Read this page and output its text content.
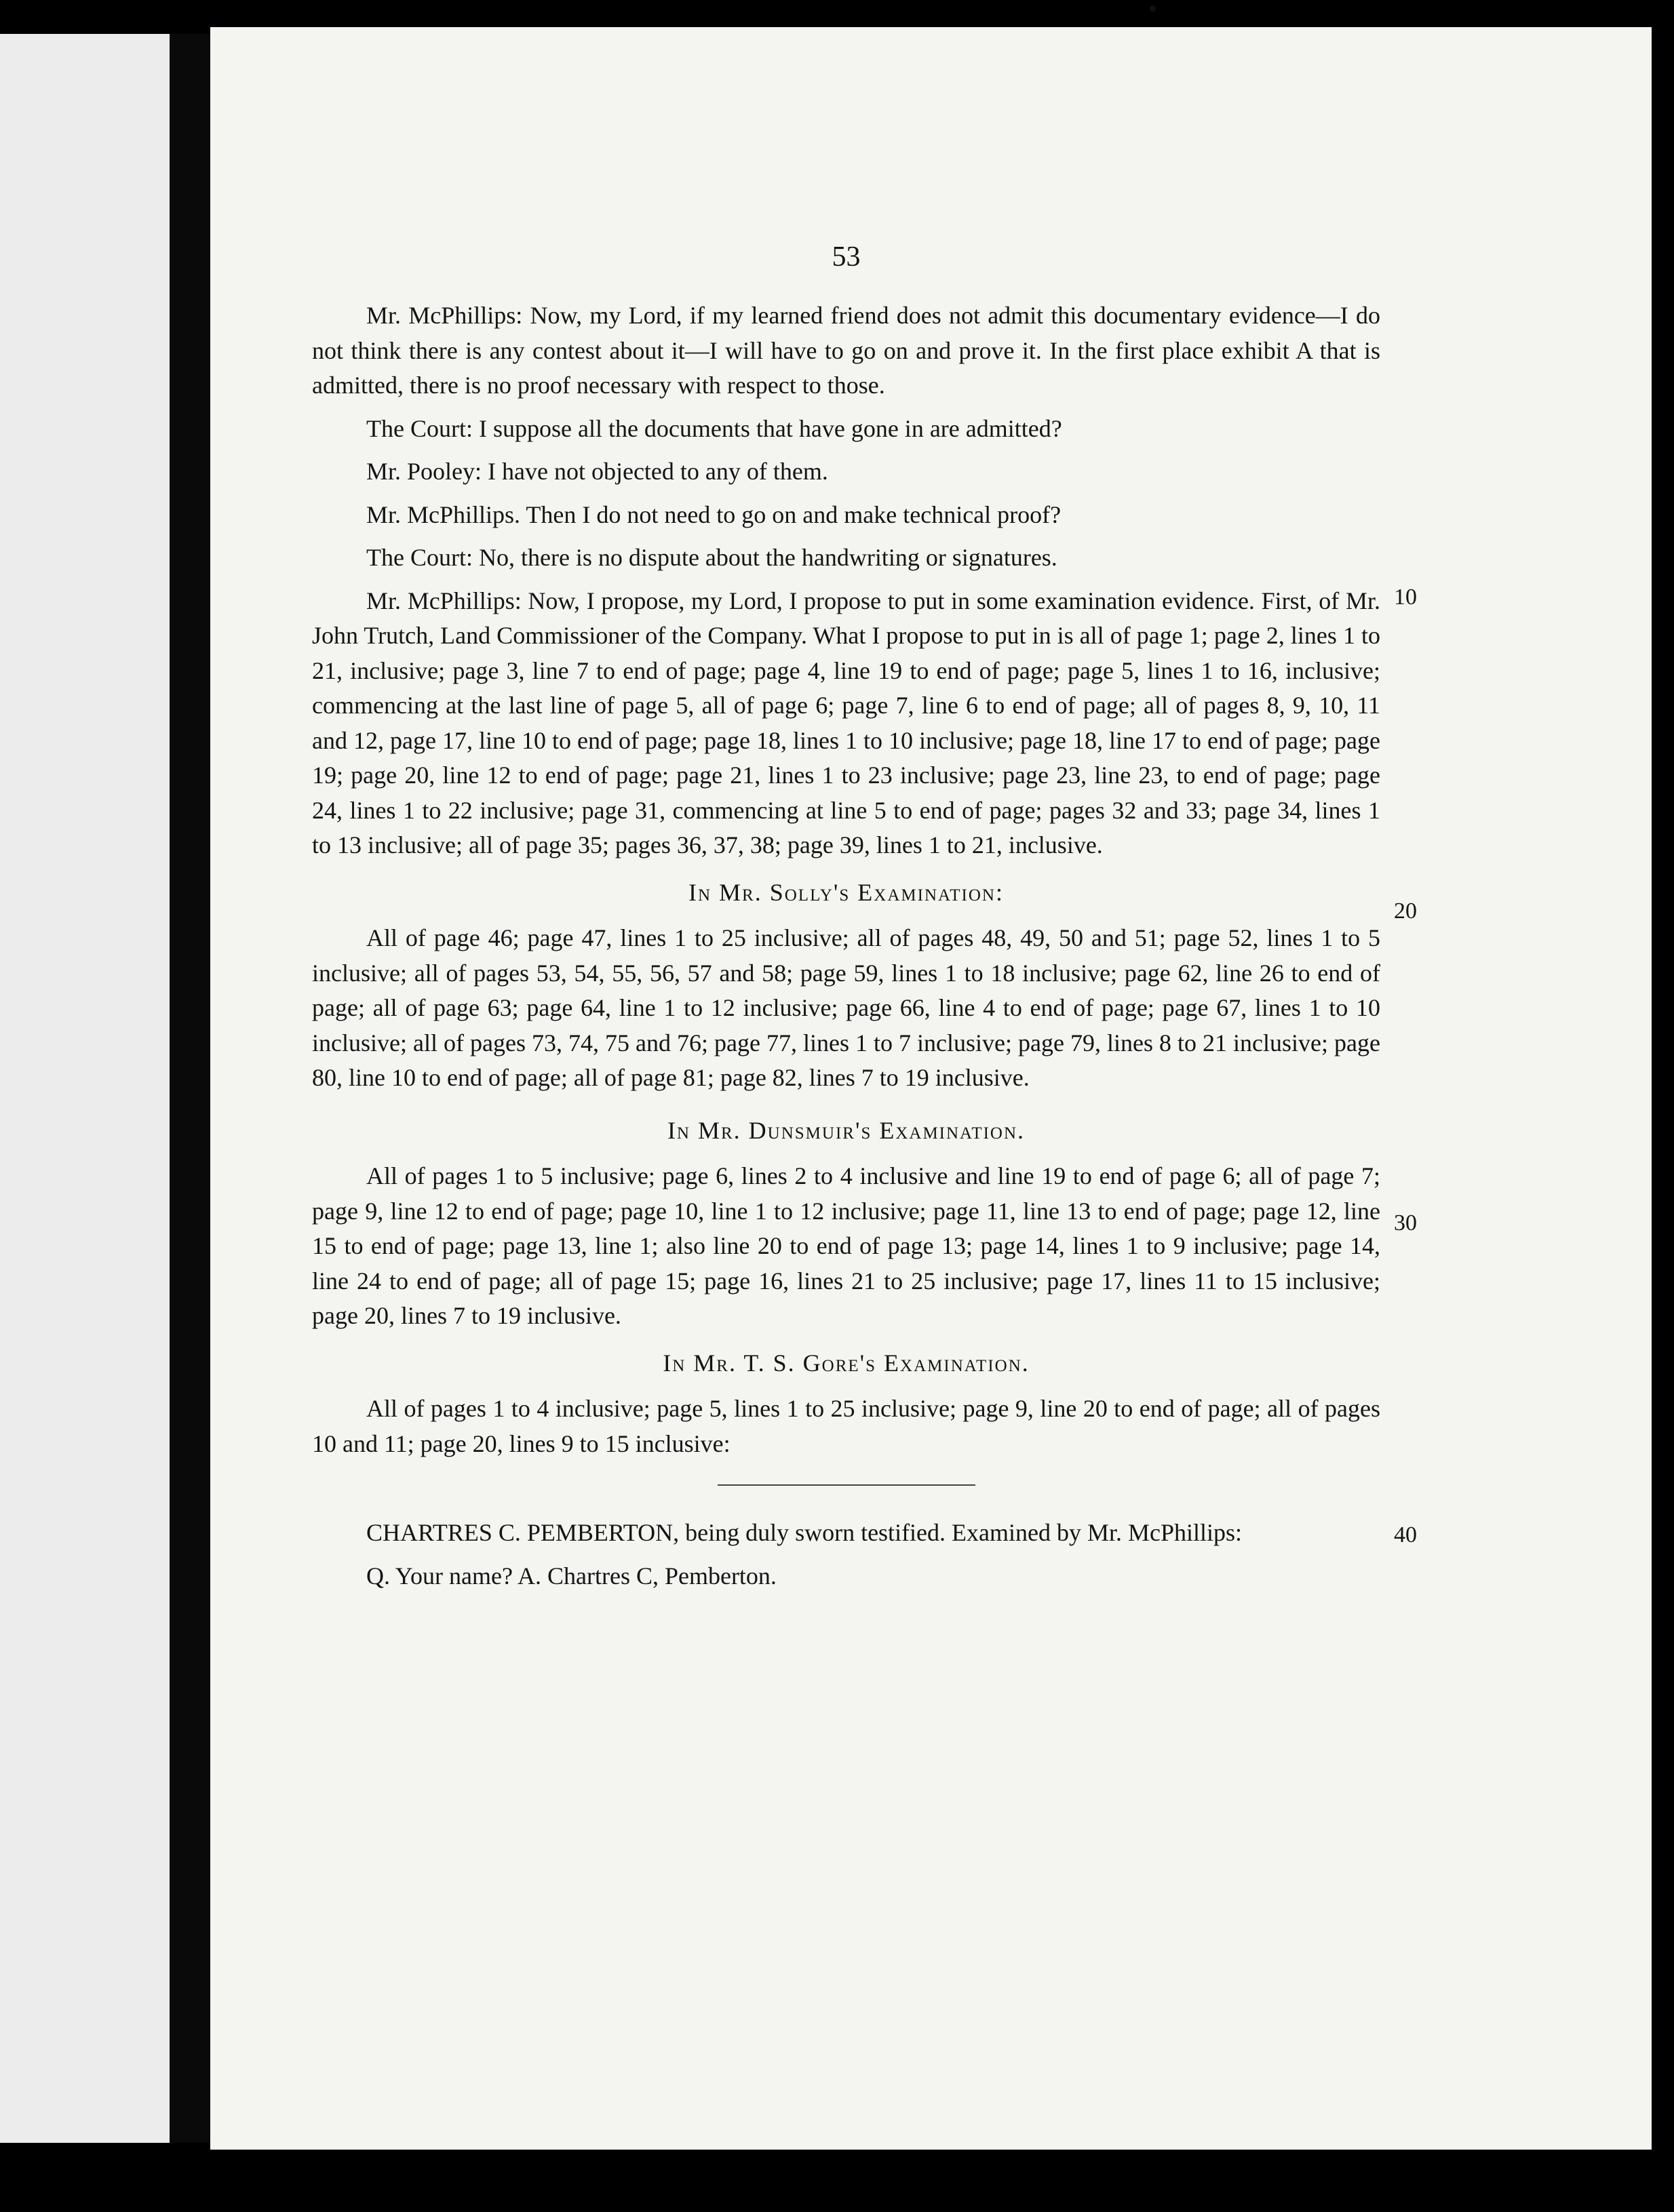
53

Mr. McPhillips: Now, my Lord, if my learned friend does not admit this documentary evidence—I do not think there is any contest about it—I will have to go on and prove it. In the first place exhibit A that is admitted, there is no proof necessary with respect to those.

The Court: I suppose all the documents that have gone in are admitted?

Mr. Pooley: I have not objected to any of them.

Mr. McPhillips. Then I do not need to go on and make technical proof?

The Court: No, there is no dispute about the handwriting or signatures.

Mr. McPhillips: Now, I propose, my Lord, I propose to put in some examination evidence. First, of Mr. John Trutch, Land Commissioner of the Company. What I propose to put in is all of page 1; page 2, lines 1 to 21, inclusive; page 3, line 7 to end of page; page 4, line 19 to end of page; page 5, lines 1 to 16, inclusive; commencing at the last line of page 5, all of page 6; page 7, line 6 to end of page; all of pages 8, 9, 10, 11 and 12, page 17, line 10 to end of page; page 18, lines 1 to 10 inclusive; page 18, line 17 to end of page; page 19; page 20, line 12 to end of page; page 21, lines 1 to 23 inclusive; page 23, line 23, to end of page; page 24, lines 1 to 22 inclusive; page 31, commencing at line 5 to end of page; pages 32 and 33; page 34, lines 1 to 13 inclusive; all of page 35; pages 36, 37, 38; page 39, lines 1 to 21, inclusive.

In Mr. Solly's Examination:

All of page 46; page 47, lines 1 to 25 inclusive; all of pages 48, 49, 50 and 51; page 52, lines 1 to 5 inclusive; all of pages 53, 54, 55, 56, 57 and 58; page 59, lines 1 to 18 inclusive; page 62, line 26 to end of page; all of page 63; page 64, line 1 to 12 inclusive; page 66, line 4 to end of page; page 67, lines 1 to 10 inclusive; all of pages 73, 74, 75 and 76; page 77, lines 1 to 7 inclusive; page 79, lines 8 to 21 inclusive; page 80, line 10 to end of page; all of page 81; page 82, lines 7 to 19 inclusive.

In Mr. Dunsmuir's Examination.

All of pages 1 to 5 inclusive; page 6, lines 2 to 4 inclusive and line 19 to end of page 6; all of page 7; page 9, line 12 to end of page; page 10, line 1 to 12 inclusive; page 11, line 13 to end of page; page 12, line 15 to end of page; page 13, line 1; also line 20 to end of page 13; page 14, lines 1 to 9 inclusive; page 14, line 24 to end of page; all of page 15; page 16, lines 21 to 25 inclusive; page 17, lines 11 to 15 inclusive; page 20, lines 7 to 19 inclusive.

In Mr. T. S. Gore's Examination.

All of pages 1 to 4 inclusive; page 5, lines 1 to 25 inclusive; page 9, line 20 to end of page; all of pages 10 and 11; page 20, lines 9 to 15 inclusive:

CHARTRES C. PEMBERTON, being duly sworn testified. Examined by Mr. McPhillips:

Q. Your name? A. Chartres C, Pemberton.

10
20
30
40
